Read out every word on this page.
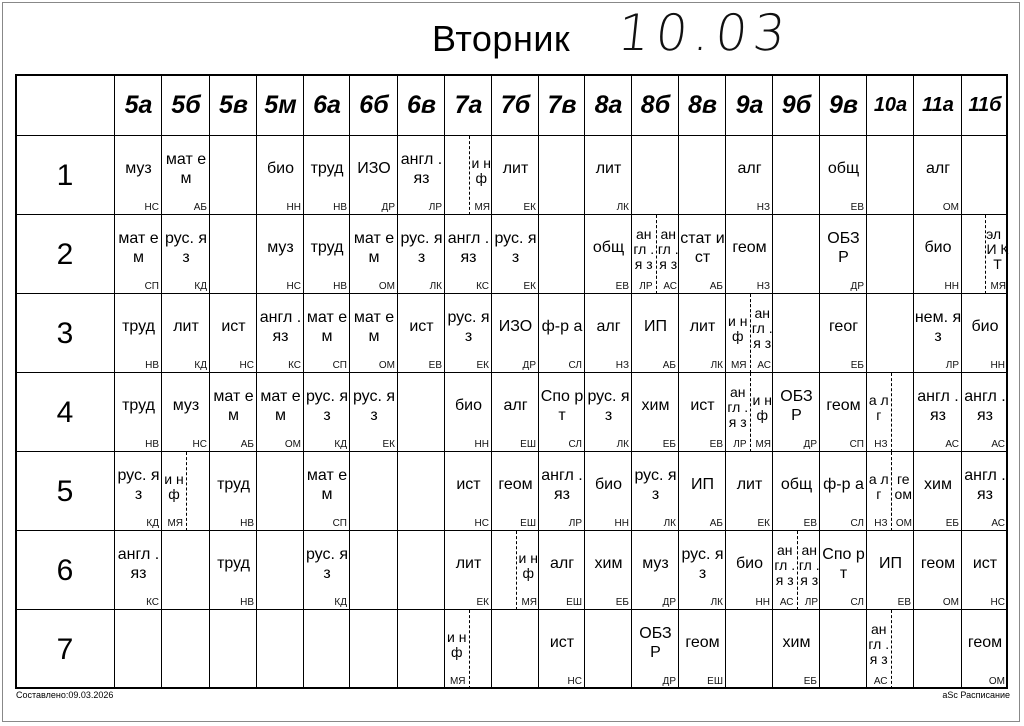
Вторник 10.03
5а 5б 5в 5м 6а 6б 6в 7а 7б 7в 8а 8б 8в 9а 9б 9в 10а 11а 11б
1
2
3
4
5
6
7
муз
НС
мат ем
АБ
био
НН
труд
НВ
ИЗО
ДР
англ .яз
ЛР
и н ф
МЯ
лит
ЕК
лит
ЛК
алг
НЗ
общ
ЕВ
алг
ОМ
мат ем
СП
рус. яз
КД
муз
НС
труд
НВ
мат ем
ОМ
рус. яз
ЛК
англ .яз
КС
рус. яз
ЕК
общ
ЕВ
ан гл .я з
ЛР
ан гл .я з
АС
стат ист
АБ
геом
НЗ
ОБЗ Р
ДР
био
НН
эл .И КТ
МЯ
труд
НВ
лит
КД
ист
НС
англ .яз
КС
мат ем
СП
мат ем
ОМ
ист
ЕВ
рус. яз
ЕК
ИЗО
ДР
ф-р а
СЛ
алг
НЗ
ИП
АБ
лит
ЛК
и н ф
МЯ
ан гл .я з
АС
геог
ЕБ
нем. яз
ЛР
био
НН
труд
НВ
муз
НС
мат ем
АБ
мат ем
ОМ
рус. яз
КД
рус. яз
ЕК
био
НН
алг
ЕШ
Спо рт
СЛ
рус. яз
ЛК
хим
ЕБ
ист
ЕВ
ан гл .я з
ЛР
и н ф
МЯ
ОБЗ Р
ДР
геом
СП
а лг
НЗ
англ .яз
АС
англ .яз
АС
рус. яз
КД
и н ф
МЯ
труд
НВ
мат ем
СП
ист
НС
геом
ЕШ
англ .яз
ЛР
био
НН
рус. яз
ЛК
ИП
АБ
лит
ЕК
общ
ЕВ
ф-р а
СЛ
а лг
НЗ
ге ом
ОМ
хим
ЕБ
англ .яз
АС
англ .яз
КС
труд
НВ
рус. яз
КД
лит
ЕК
и н ф
МЯ
алг
ЕШ
хим
ЕБ
муз
ДР
рус. яз
ЛК
био
НН
ан гл .я з
АС
ан гл .я з
ЛР
Спо рт
СЛ
ИП
ЕВ
геом
ОМ
ист
НС
и н ф
МЯ
ист
НС
ОБЗ Р
ДР
геом
ЕШ
хим
ЕБ
ан гл .я з
АС
геом
ОМ
Составлено:09.03.2026	aSc Расписание
